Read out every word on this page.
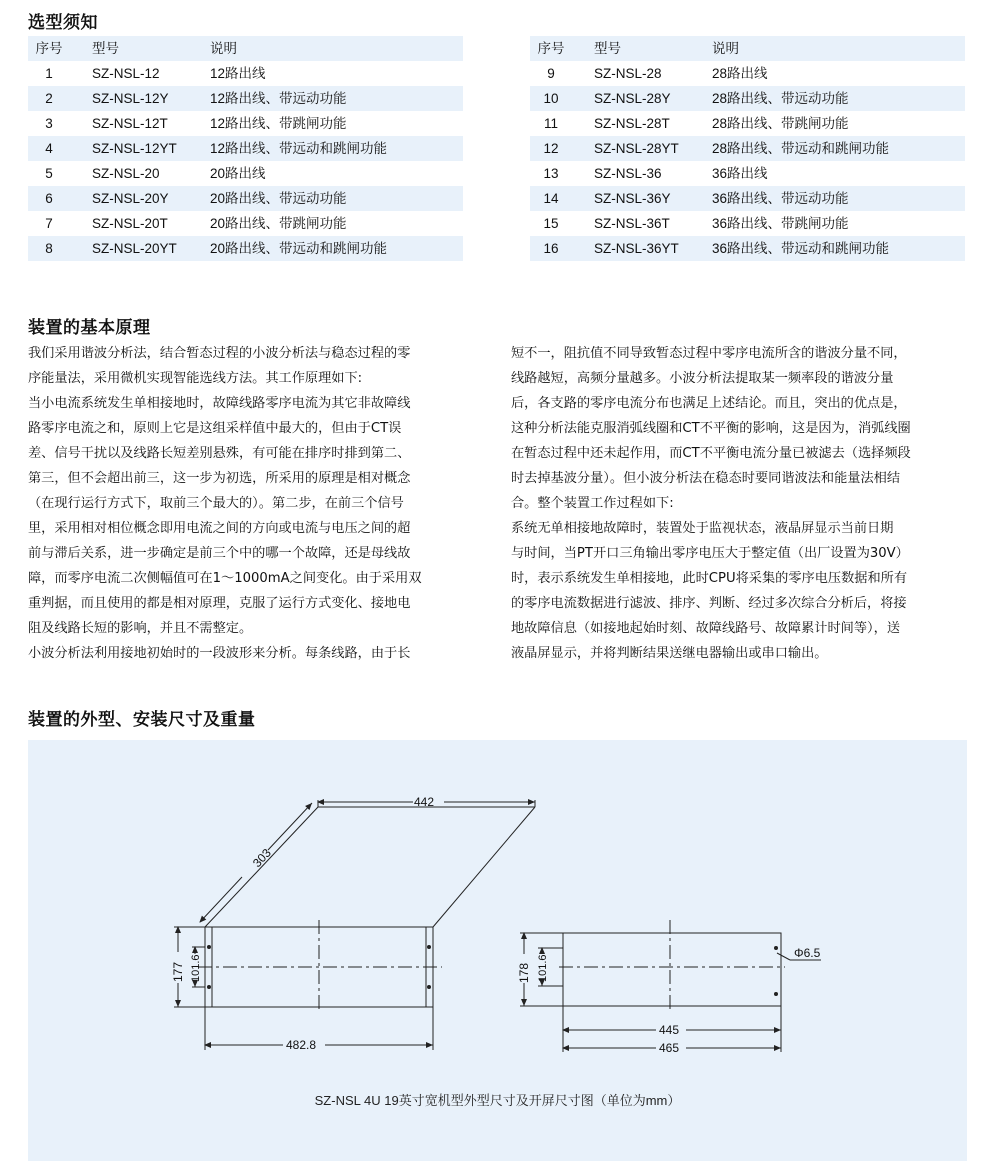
选型须知
序号	型号	说明
1	SZ-NSL-12	12路出线
2	SZ-NSL-12Y	12路出线、带远动功能
3	SZ-NSL-12T	12路出线、带跳闸功能
4	SZ-NSL-12YT	12路出线、带远动和跳闸功能
5	SZ-NSL-20	20路出线
6	SZ-NSL-20Y	20路出线、带远动功能
7	SZ-NSL-20T	20路出线、带跳闸功能
8	SZ-NSL-20YT	20路出线、带远动和跳闸功能
序号	型号	说明
9	SZ-NSL-28	28路出线
10	SZ-NSL-28Y	28路出线、带远动功能
11	SZ-NSL-28T	28路出线、带跳闸功能
12	SZ-NSL-28YT	28路出线、带远动和跳闸功能
13	SZ-NSL-36	36路出线
14	SZ-NSL-36Y	36路出线、带远动功能
15	SZ-NSL-36T	36路出线、带跳闸功能
16	SZ-NSL-36YT	36路出线、带远动和跳闸功能
装置的基本原理

我们采用谐波分析法，结合暂态过程的小波分析法与稳态过程的零

序能量法，采用微机实现智能选线方法。其工作原理如下:

当小电流系统发生单相接地时，故障线路零序电流为其它非故障线

路零序电流之和，原则上它是这组采样值中最大的，但由于CT误

差、信号干扰以及线路长短差别悬殊，有可能在排序时排到第二、

第三，但不会超出前三，这一步为初选，所采用的原理是相对概念

（在现行运行方式下，取前三个最大的）。第二步，在前三个信号

里，采用相对相位概念即用电流之间的方向或电流与电压之间的超

前与滞后关系，进一步确定是前三个中的哪一个故障，还是母线故

障，而零序电流二次侧幅值可在1～1000mA之间变化。由于采用双

重判据，而且使用的都是相对原理，克服了运行方式变化、接地电

阻及线路长短的影响，并且不需整定。

小波分析法利用接地初始时的一段波形来分析。每条线路，由于长

短不一，阻抗值不同导致暂态过程中零序电流所含的谐波分量不同，

线路越短，高频分量越多。小波分析法提取某一频率段的谐波分量

后，各支路的零序电流分布也满足上述结论。而且，突出的优点是，

这种分析法能克服消弧线圈和CT不平衡的影响，这是因为，消弧线圈

在暂态过程中还未起作用，而CT不平衡电流分量已被滤去（选择频段

时去掉基波分量）。但小波分析法在稳态时要同谐波法和能量法相结

合。整个装置工作过程如下:

系统无单相接地故障时，装置处于监视状态，液晶屏显示当前日期

与时间，当PT开口三角输出零序电压大于整定值（出厂设置为30V）

时，表示系统发生单相接地，此时CPU将采集的零序电压数据和所有

的零序电流数据进行滤波、排序、判断、经过多次综合分析后，将接

地故障信息（如接地起始时刻、故障线路号、故障累计时间等），送

液晶屏显示，并将判断结果送继电器输出或串口输出。

装置的外型、安装尺寸及重量
442
303
177 101.6
482.8
178 101.6
Φ6.5
445
465
SZ-NSL 4U 19英寸宽机型外型尺寸及开屏尺寸图（单位为mm）
